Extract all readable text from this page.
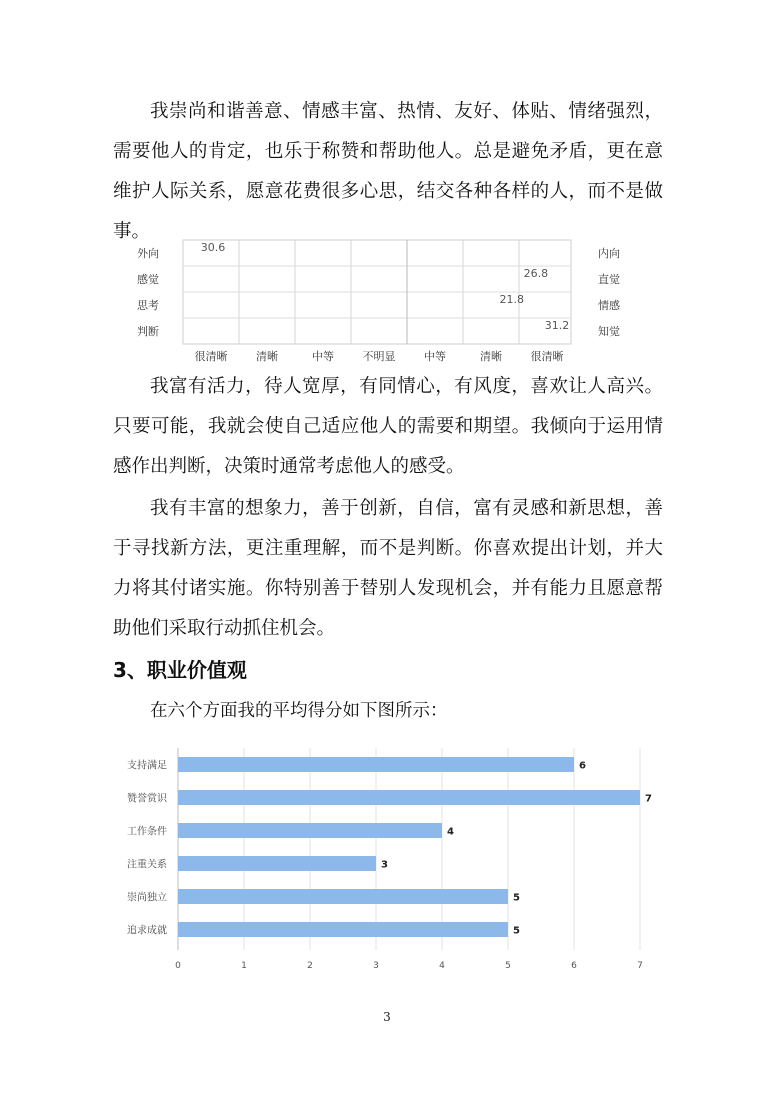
我崇尚和谐善意、情感丰富、热情、友好、体贴、情绪强烈，需要他人的肯定，也乐于称赞和帮助他人。总是避免矛盾，更在意维护人际关系，愿意花费很多心思，结交各种各样的人，而不是做事。

外向	内向
30.6
感觉	直觉
26.8
思考	情感
21.8
判断	知觉
31.2
很清晰	清晰	中等	不明显	中等	清晰	很清晰

我富有活力，待人宽厚，有同情心，有风度，喜欢让人高兴。只要可能，我就会使自己适应他人的需要和期望。我倾向于运用情感作出判断，决策时通常考虑他人的感受。

我有丰富的想象力，善于创新，自信，富有灵感和新思想，善于寻找新方法，更注重理解，而不是判断。你喜欢提出计划，并大力将其付诸实施。你特别善于替别人发现机会，并有能力且愿意帮助他们采取行动抓住机会。

3、职业价值观

在六个方面我的平均得分如下图所示：

支持满足	6
赞誉赏识	7
工作条件	4
注重关系	3
崇尚独立	5
追求成就	5
0	1	2	3	4	5	6	7
3
